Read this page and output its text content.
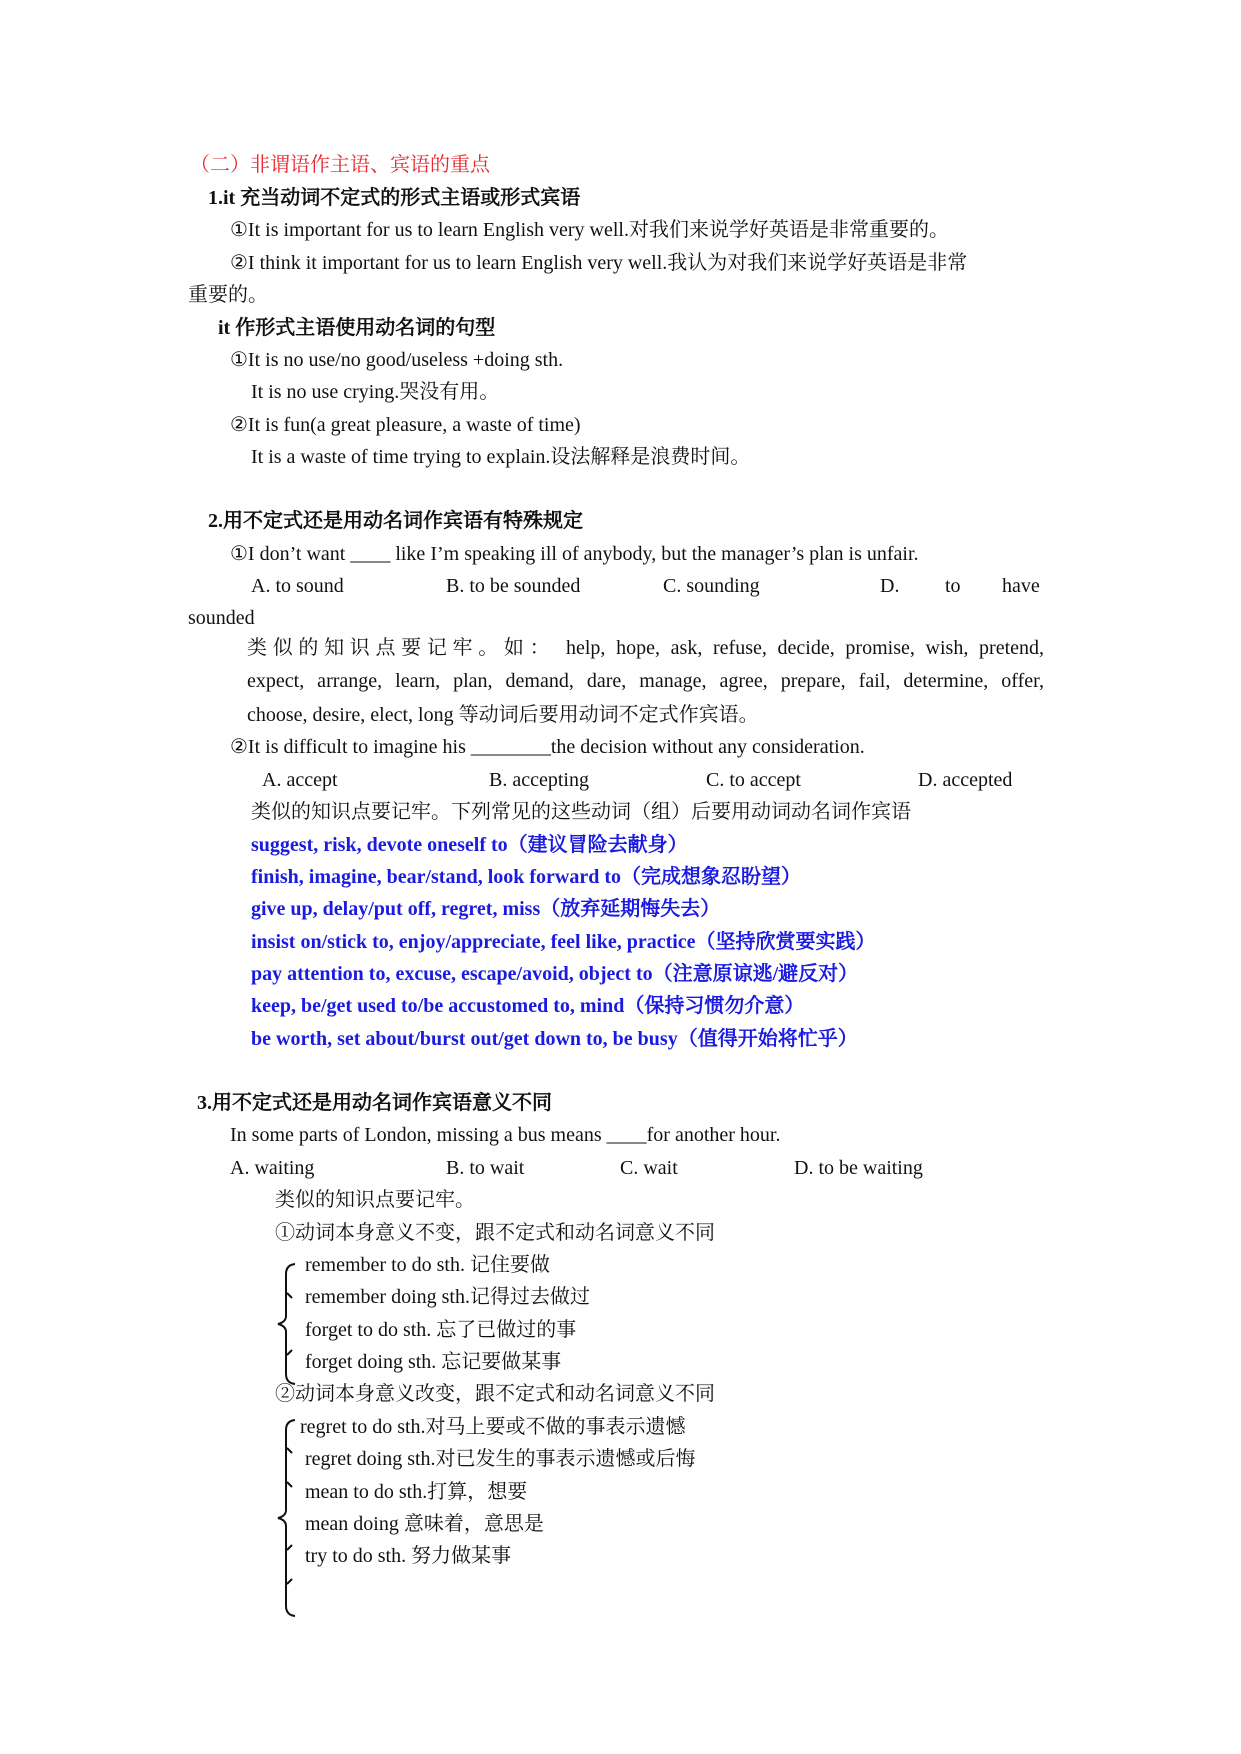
（二）非谓语作主语、宾语的重点
1.it 充当动词不定式的形式主语或形式宾语
①It is important for us to learn English very well.对我们来说学好英语是非常重要的。
②I think it important for us to learn English very well.我认为对我们来说学好英语是非常
重要的。
it 作形式主语使用动名词的句型
①It is no use/no good/useless +doing sth.
It is no use crying.哭没有用。
②It is fun(a great pleasure, a waste of time)
It is a waste of time trying to explain.设法解释是浪费时间。
2.用不定式还是用动名词作宾语有特殊规定
①I don’t want ____ like I’m speaking ill of anybody, but the manager’s plan is unfair.
A. to sound	B. to be sounded	C. sounding	D. to have
sounded
类似的知识点要记牢。如： help, hope, ask, refuse, decide, promise, wish, pretend,
expect, arrange, learn, plan, demand, dare, manage, agree, prepare, fail, determine, offer,
choose, desire, elect, long 等动词后要用动词不定式作宾语。
②It is difficult to imagine his ________the decision without any consideration.
A. accept	B. accepting	C. to accept	D. accepted
类似的知识点要记牢。下列常见的这些动词（组）后要用动词动名词作宾语
suggest, risk, devote oneself to（建议冒险去献身）
finish, imagine, bear/stand, look forward to（完成想象忍盼望）
give up, delay/put off, regret, miss（放弃延期悔失去）
insist on/stick to, enjoy/appreciate, feel like, practice（坚持欣赏要实践）
pay attention to, excuse, escape/avoid, object to（注意原谅逃/避反对）
keep, be/get used to/be accustomed to, mind（保持习惯勿介意）
be worth, set about/burst out/get down to, be busy（值得开始将忙乎）
3.用不定式还是用动名词作宾语意义不同
In some parts of London, missing a bus means ____for another hour.
A. waiting	B. to wait	C. wait	D. to be waiting
类似的知识点要记牢。
①动词本身意义不变，跟不定式和动名词意义不同
remember to do sth. 记住要做
remember doing sth.记得过去做过
forget to do sth. 忘了已做过的事
forget doing sth. 忘记要做某事
②动词本身意义改变，跟不定式和动名词意义不同
regret to do sth.对马上要或不做的事表示遗憾
regret doing sth.对已发生的事表示遗憾或后悔
mean to do sth.打算，想要
mean doing 意味着，意思是
try to do sth. 努力做某事
